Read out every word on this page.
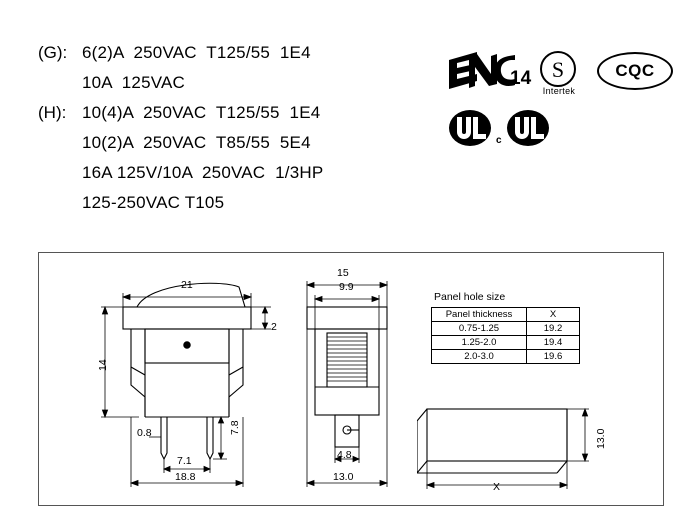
(G): 6(2)A  250VAC  T125/55  1E4
10A  125VAC
(H): 10(4)A  250VAC  T125/55  1E4
10(2)A  250VAC  T85/55  5E4
16A 125V/10A  250VAC  1/3HP
125-250VAC T105
14 S
Intertek
CQC
c
21
14
2
0.8	7.8
7.1
18.8
15
9.9
4.8
13.0
Panel hole size
Panel thickness	X
0.75-1.25	19.2
1.25-2.0	19.4
2.0-3.0	19.6
X
13.0
